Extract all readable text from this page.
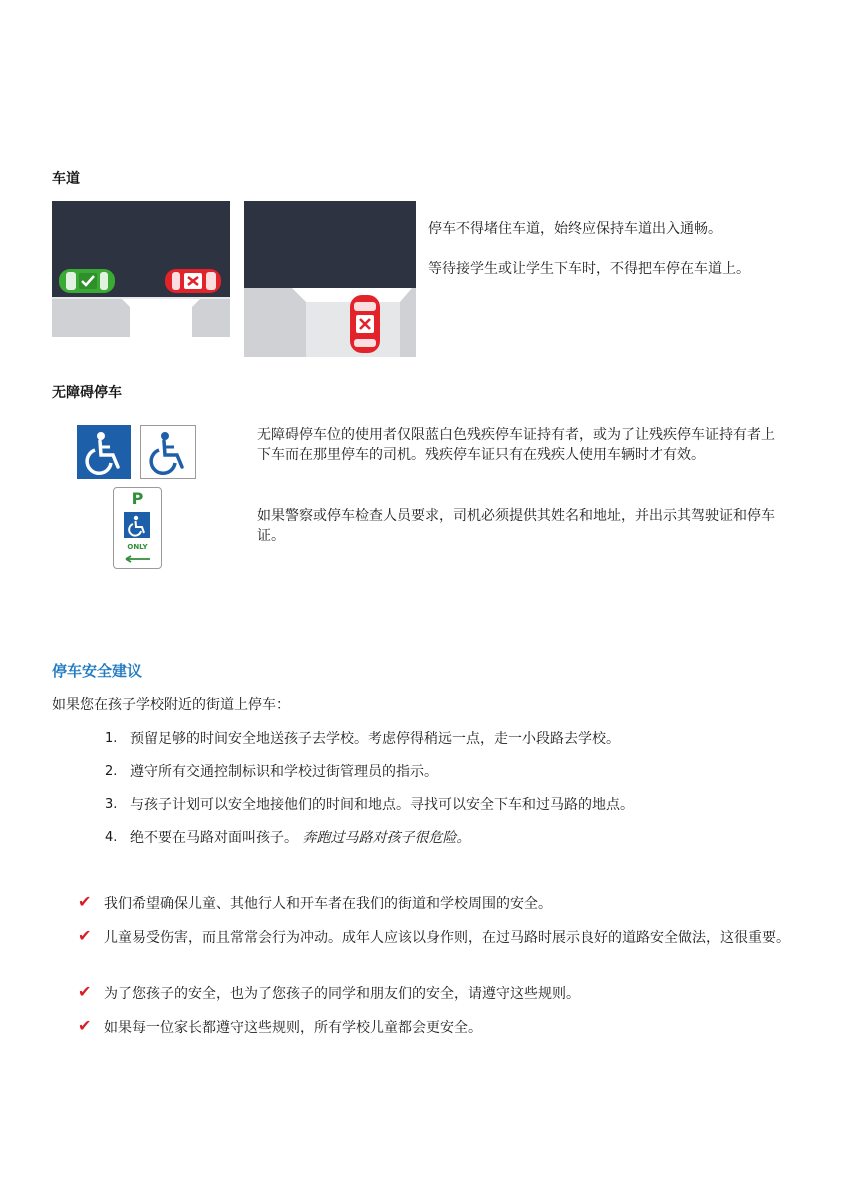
车道
停车不得堵住车道，始终应保持车道出入通畅。
等待接学生或让学生下车时，不得把车停在车道上。
无障碍停车
P
ONLY
无障碍停车位的使用者仅限蓝白色残疾停车证持有者，或为了让残疾停车证持有者上下车而在那里停车的司机。残疾停车证只有在残疾人使用车辆时才有效。
如果警察或停车检查人员要求，司机必须提供其姓名和地址，并出示其驾驶证和停车证。
停车安全建议
如果您在孩子学校附近的街道上停车：
1. 预留足够的时间安全地送孩子去学校。考虑停得稍远一点，走一小段路去学校。
2. 遵守所有交通控制标识和学校过街管理员的指示。
3. 与孩子计划可以安全地接他们的时间和地点。寻找可以安全下车和过马路的地点。
4. 绝不要在马路对面叫孩子。 奔跑过马路对孩子很危险。
✔ 我们希望确保儿童、其他行人和开车者在我们的街道和学校周围的安全。
✔ 儿童易受伤害，而且常常会行为冲动。成年人应该以身作则，在过马路时展示良好的道路安全做法，这很重要。
✔ 为了您孩子的安全，也为了您孩子的同学和朋友们的安全，请遵守这些规则。
✔ 如果每一位家长都遵守这些规则，所有学校儿童都会更安全。
